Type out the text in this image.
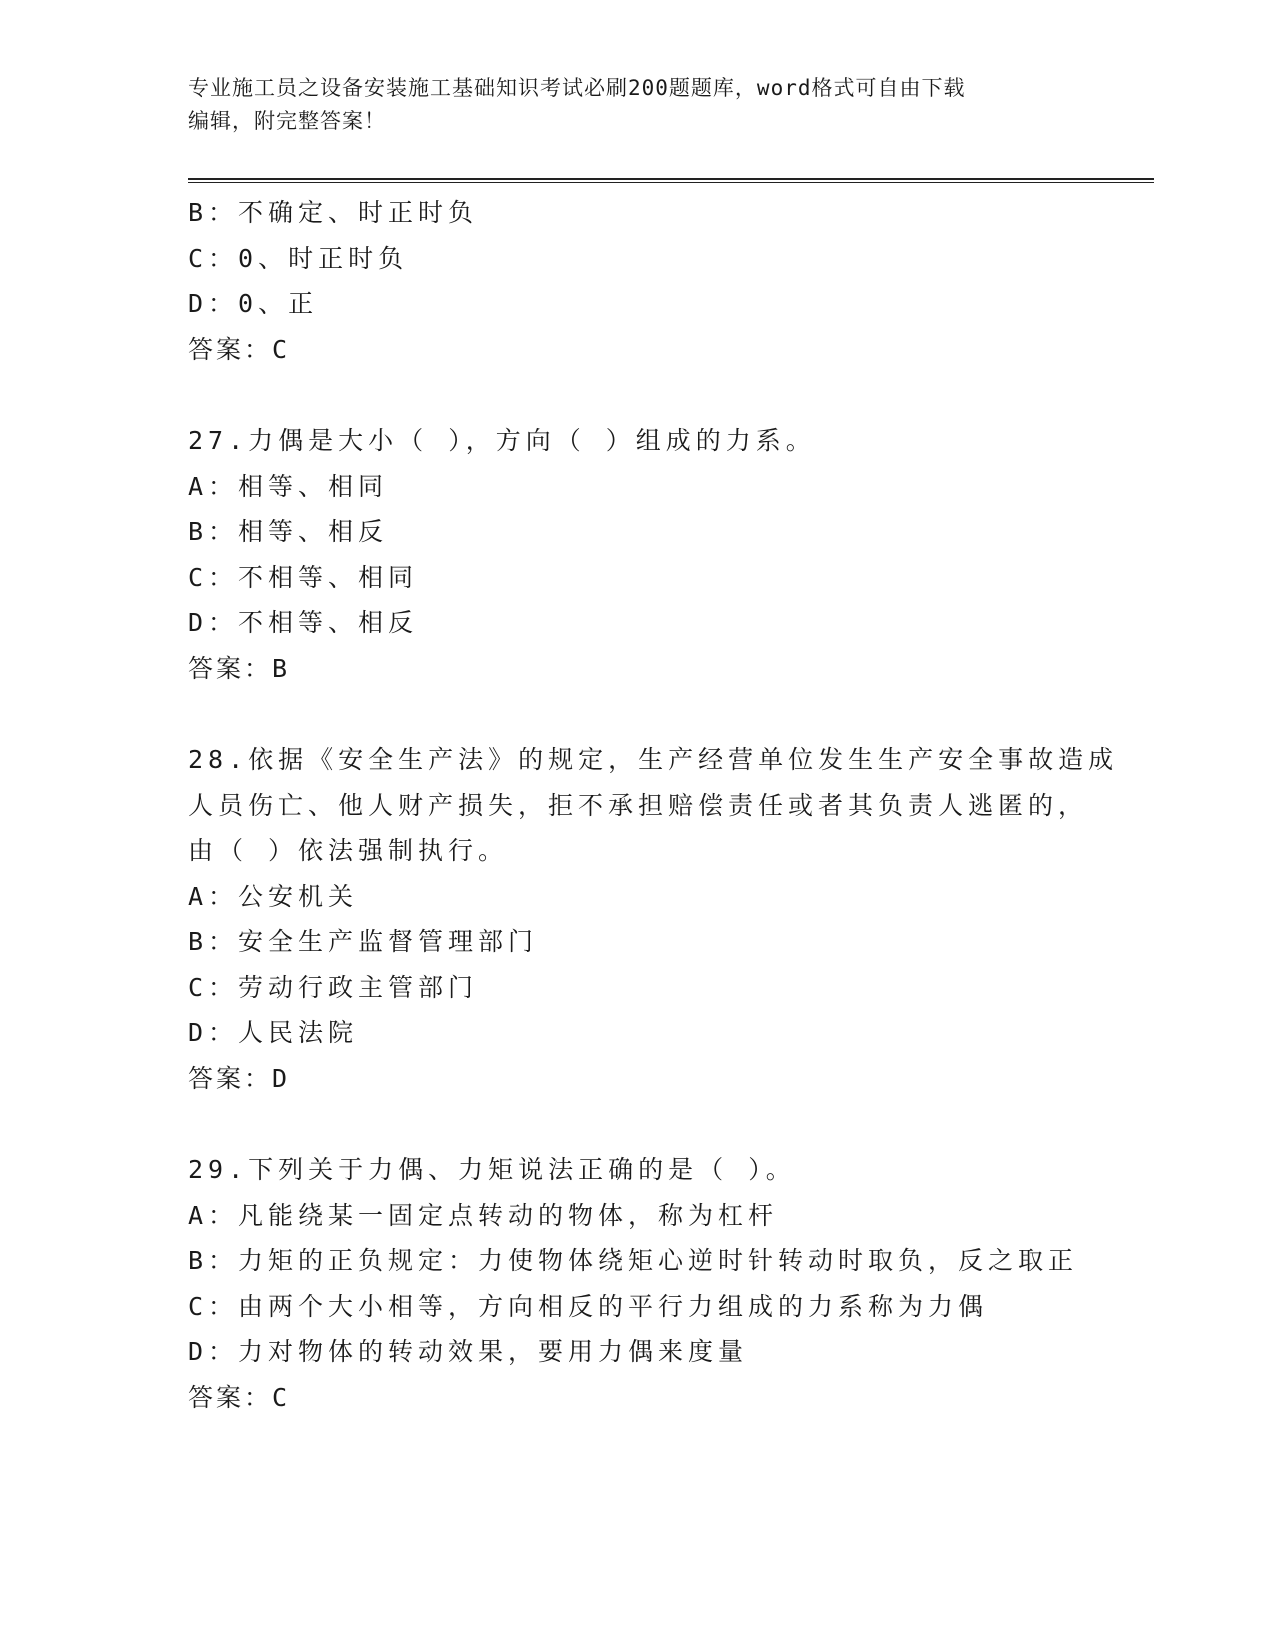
专业施工员之设备安装施工基础知识考试必刷200题题库，word格式可自由下载
编辑，附完整答案！
B：不确定、时正时负
C：0、时正时负
D：0、正
答案：C
27.力偶是大小（ ），方向（ ）组成的力系。
A：相等、相同
B：相等、相反
C：不相等、相同
D：不相等、相反
答案：B
28.依据《安全生产法》的规定，生产经营单位发生生产安全事故造成
人员伤亡、他人财产损失，拒不承担赔偿责任或者其负责人逃匿的，
由（ ）依法强制执行。
A：公安机关
B：安全生产监督管理部门
C：劳动行政主管部门
D：人民法院
答案：D
29.下列关于力偶、力矩说法正确的是（ ）。
A：凡能绕某一固定点转动的物体，称为杠杆
B：力矩的正负规定：力使物体绕矩心逆时针转动时取负，反之取正
C：由两个大小相等，方向相反的平行力组成的力系称为力偶
D：力对物体的转动效果，要用力偶来度量
答案：C
